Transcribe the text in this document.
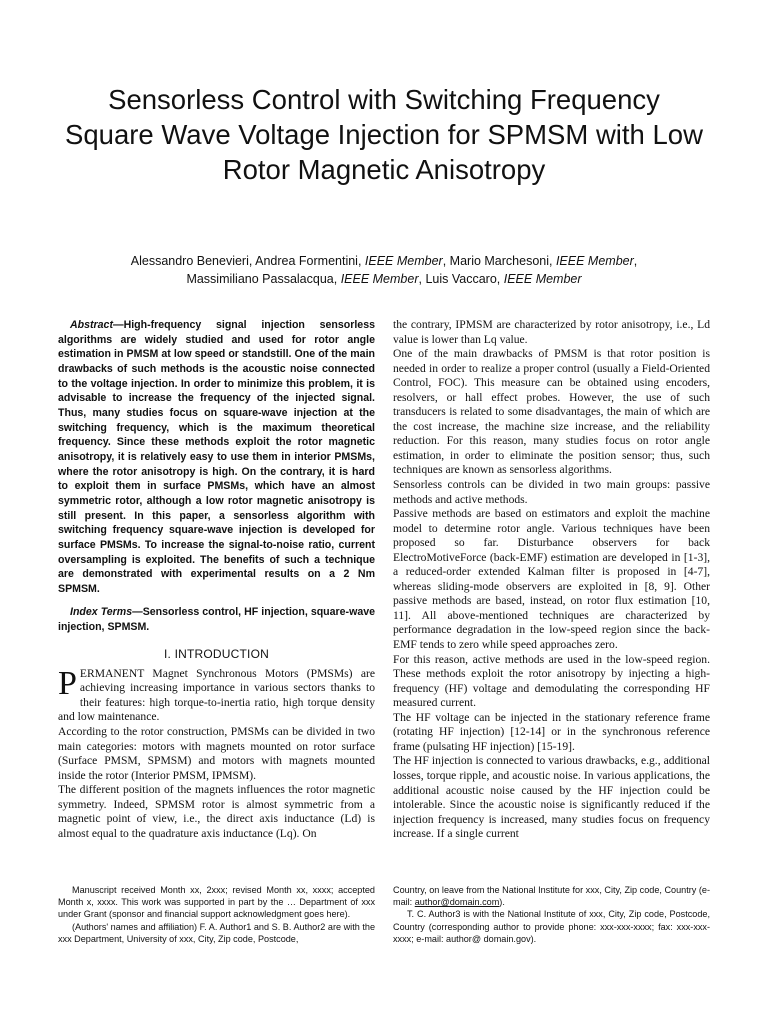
Sensorless Control with Switching Frequency Square Wave Voltage Injection for SPMSM with Low Rotor Magnetic Anisotropy
Alessandro Benevieri, Andrea Formentini, IEEE Member, Mario Marchesoni, IEEE Member,
Massimiliano Passalacqua, IEEE Member, Luis Vaccaro, IEEE Member

Abstract—High-frequency signal injection sensorless algorithms are widely studied and used for rotor angle estimation in PMSM at low speed or standstill. One of the main drawbacks of such methods is the acoustic noise connected to the voltage injection. In order to minimize this problem, it is advisable to increase the frequency of the injected signal. Thus, many studies focus on square-wave injection at the switching frequency, which is the maximum theoretical frequency. Since these methods exploit the rotor magnetic anisotropy, it is relatively easy to use them in interior PMSMs, where the rotor anisotropy is high. On the contrary, it is hard to exploit them in surface PMSMs, which have an almost symmetric rotor, although a low rotor magnetic anisotropy is still present. In this paper, a sensorless algorithm with switching frequency square-wave injection is developed for surface PMSMs. To increase the signal-to-noise ratio, current oversampling is exploited. The benefits of such a technique are demonstrated with experimental results on a 2 Nm SPMSM.

Index Terms—Sensorless control, HF injection, square-wave injection, SPMSM.

I. INTRODUCTION

PERMANENT Magnet Synchronous Motors (PMSMs) are achieving increasing importance in various sectors thanks to their features: high torque-to-inertia ratio, high torque density and low maintenance.

According to the rotor construction, PMSMs can be divided in two main categories: motors with magnets mounted on rotor surface (Surface PMSM, SPMSM) and motors with magnets mounted inside the rotor (Interior PMSM, IPMSM).

The different position of the magnets influences the rotor magnetic symmetry. Indeed, SPMSM rotor is almost symmetric from a magnetic point of view, i.e., the direct axis inductance (Ld) is almost equal to the quadrature axis inductance (Lq). On

the contrary, IPMSM are characterized by rotor anisotropy, i.e., Ld value is lower than Lq value.

One of the main drawbacks of PMSM is that rotor position is needed in order to realize a proper control (usually a Field-Oriented Control, FOC). This measure can be obtained using encoders, resolvers, or hall effect probes. However, the use of such transducers is related to some disadvantages, the main of which are the cost increase, the machine size increase, and the reliability reduction. For this reason, many studies focus on rotor angle estimation, in order to eliminate the position sensor; thus, such techniques are known as sensorless algorithms.

Sensorless controls can be divided in two main groups: passive methods and active methods.

Passive methods are based on estimators and exploit the machine model to determine rotor angle. Various techniques have been proposed so far. Disturbance observers for back ElectroMotiveForce (back-EMF) estimation are developed in [1-3], a reduced-order extended Kalman filter is proposed in [4-7], whereas sliding-mode observers are exploited in [8, 9]. Other passive methods are based, instead, on rotor flux estimation [10, 11]. All above-mentioned techniques are characterized by performance degradation in the low-speed region since the back-EMF tends to zero while speed approaches zero.

For this reason, active methods are used in the low-speed region. These methods exploit the rotor anisotropy by injecting a high-frequency (HF) voltage and demodulating the corresponding HF measured current.

The HF voltage can be injected in the stationary reference frame (rotating HF injection) [12-14] or in the synchronous reference frame (pulsating HF injection) [15-19].

The HF injection is connected to various drawbacks, e.g., additional losses, torque ripple, and acoustic noise. In various applications, the additional acoustic noise caused by the HF injection could be intolerable. Since the acoustic noise is significantly reduced if the injection frequency is increased, many studies focus on frequency increase. If a single current

Manuscript received Month xx, 2xxx; revised Month xx, xxxx; accepted Month x, xxxx. This work was supported in part by the … Department of xxx under Grant (sponsor and financial support acknowledgment goes here).

(Authors' names and affiliation) F. A. Author1 and S. B. Author2 are with the xxx Department, University of xxx, City, Zip code, Postcode,

Country, on leave from the National Institute for xxx, City, Zip code, Country (e-mail: author@domain.com).

T. C. Author3 is with the National Institute of xxx, City, Zip code, Postcode, Country (corresponding author to provide phone: xxx-xxx-xxxx; fax: xxx-xxx-xxxx; e-mail: author@ domain.gov).
